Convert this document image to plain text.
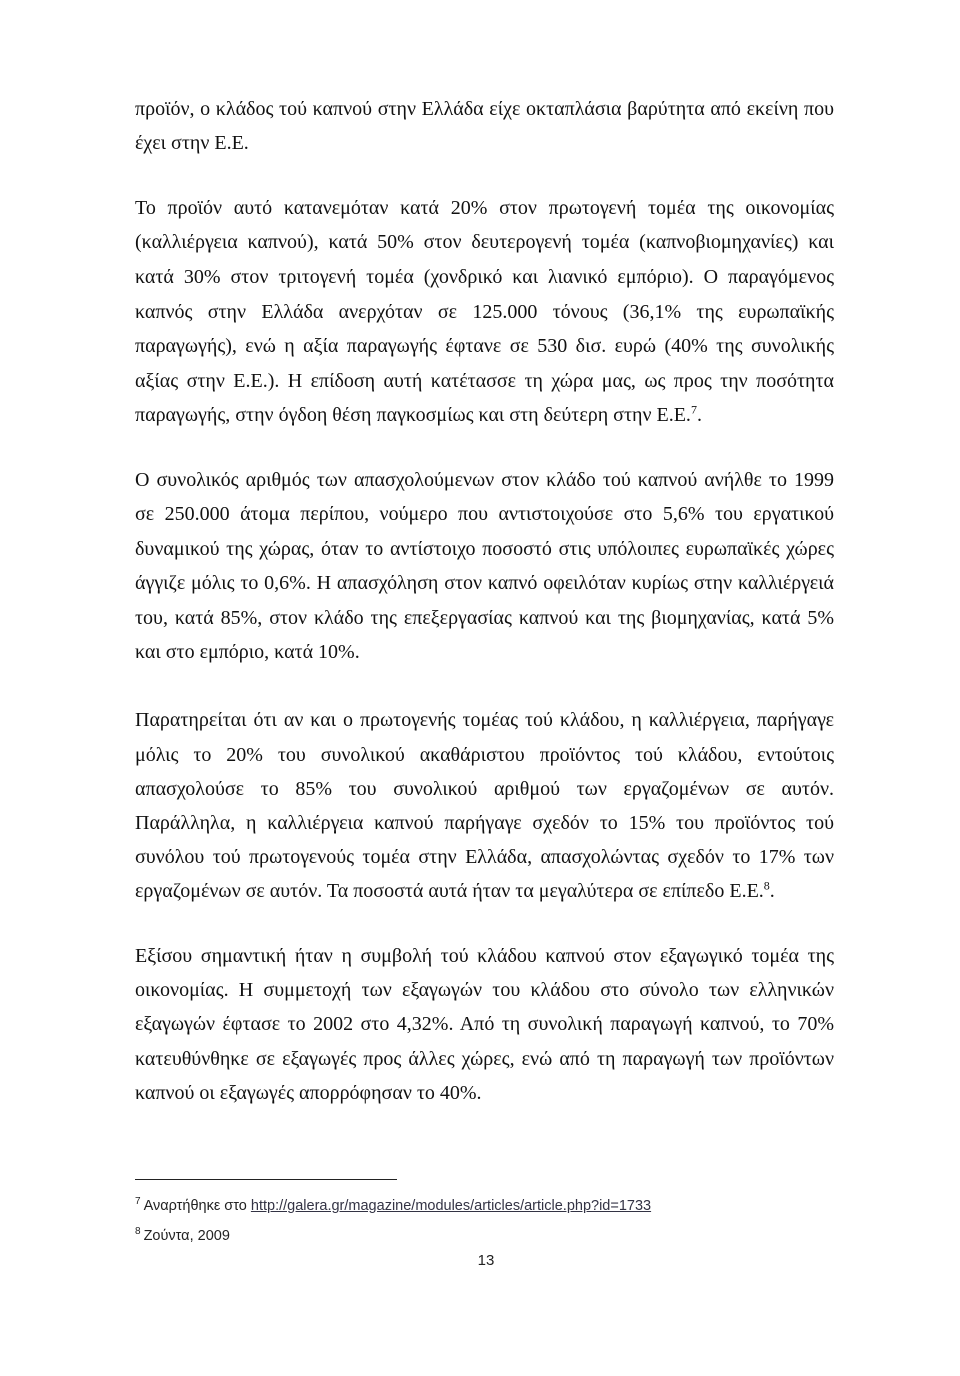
προϊόν, ο κλάδος τού καπνού στην Ελλάδα είχε οκταπλάσια βαρύτητα από εκείνη που έχει στην Ε.Ε.

Το προϊόν αυτό κατανεμόταν κατά 20% στον πρωτογενή τομέα της οικονομίας (καλλιέργεια καπνού), κατά 50% στον δευτερογενή τομέα (καπνοβιομηχανίες) και κατά 30% στον τριτογενή τομέα (χονδρικό και λιανικό εμπόριο). Ο παραγόμενος καπνός στην Ελλάδα ανερχόταν σε 125.000 τόνους (36,1% της ευρωπαϊκής παραγωγής), ενώ η αξία παραγωγής έφτανε σε 530 δισ. ευρώ (40% της συνολικής αξίας στην Ε.Ε.). Η επίδοση αυτή κατέτασσε τη χώρα μας, ως προς την ποσότητα παραγωγής, στην όγδοη θέση παγκοσμίως και στη δεύτερη στην Ε.Ε.$^7$.

Ο συνολικός αριθμός των απασχολούμενων στον κλάδο τού καπνού ανήλθε το 1999 σε 250.000 άτομα περίπου, νούμερο που αντιστοιχούσε στο 5,6% του εργατικού δυναμικού της χώρας, όταν το αντίστοιχο ποσοστό στις υπόλοιπες ευρωπαϊκές χώρες άγγιζε μόλις το 0,6%. Η απασχόληση στον καπνό οφειλόταν κυρίως στην καλλιέργειά του, κατά 85%, στον κλάδο της επεξεργασίας καπνού και της βιομηχανίας, κατά 5% και στο εμπόριο, κατά 10%.

Παρατηρείται ότι αν και ο πρωτογενής τομέας τού κλάδου, η καλλιέργεια, παρήγαγε μόλις το 20% του συνολικού ακαθάριστου προϊόντος τού κλάδου, εντούτοις απασχολούσε το 85% του συνολικού αριθμού των εργαζομένων σε αυτόν. Παράλληλα, η καλλιέργεια καπνού παρήγαγε σχεδόν το 15% του προϊόντος τού συνόλου τού πρωτογενούς τομέα στην Ελλάδα, απασχολώντας σχεδόν το 17% των εργαζομένων σε αυτόν. Τα ποσοστά αυτά ήταν τα μεγαλύτερα σε επίπεδο Ε.Ε.$^8$.

Εξίσου σημαντική ήταν η συμβολή τού κλάδου καπνού στον εξαγωγικό τομέα της οικονομίας. Η συμμετοχή των εξαγωγών του κλάδου στο σύνολο των ελληνικών εξαγωγών έφτασε το 2002 στο 4,32%. Από τη συνολική παραγωγή καπνού, το 70% κατευθύνθηκε σε εξαγωγές προς άλλες χώρες, ενώ από τη παραγωγή των προϊόντων καπνού οι εξαγωγές απορρόφησαν το 40%.

$^7$ Αναρτήθηκε στο http://galera.gr/magazine/modules/articles/article.php?id=1733
$^8$ Ζούντα, 2009
13
